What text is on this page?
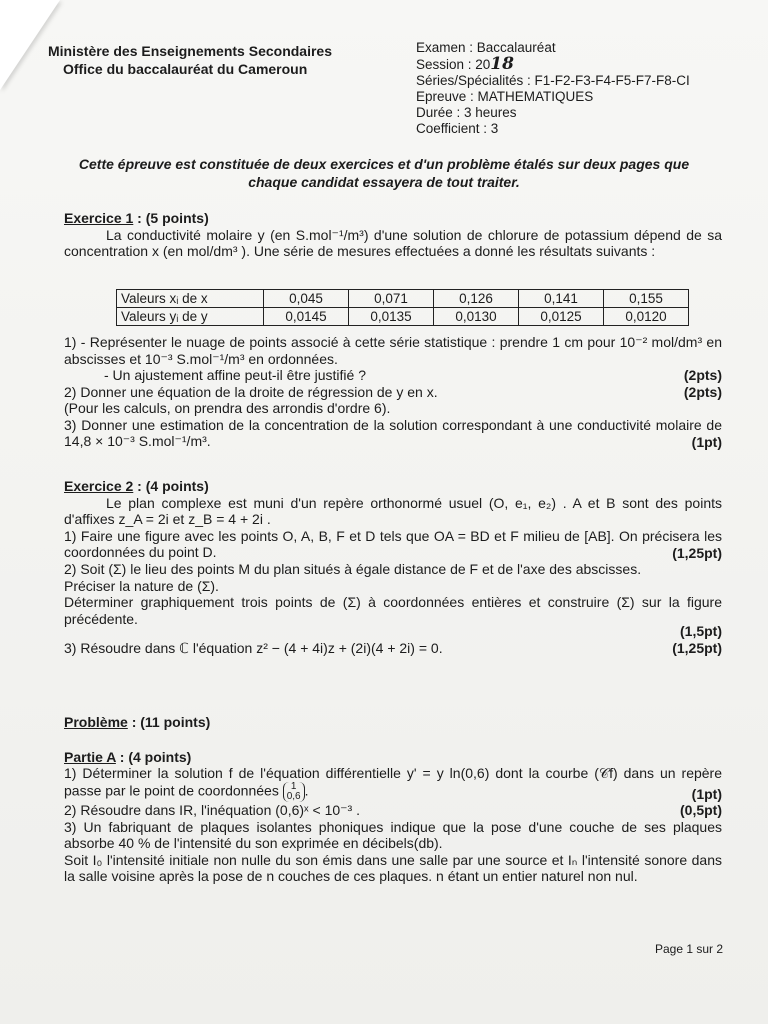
Ministère des Enseignements Secondaires
Office du baccalauréat du Cameroun
Examen : Baccalauréat
Session : 2018
Séries/Spécialités : F1-F2-F3-F4-F5-F7-F8-CI
Epreuve : MATHEMATIQUES
Durée : 3 heures
Coefficient : 3
Cette épreuve est constituée de deux exercices et d'un problème étalés sur deux pages que chaque candidat essayera de tout traiter.
Exercice 1 : (5 points)
La conductivité molaire y (en S.mol⁻¹/m³) d'une solution de chlorure de potassium dépend de sa concentration x (en mol/dm³ ). Une série de mesures effectuées a donné les résultats suivants :
Valeurs xᵢ de x	0,045	0,071	0,126	0,141	0,155
Valeurs yᵢ de y	0,0145	0,0135	0,0130	0,0125	0,0120
1) - Représenter le nuage de points associé à cette série statistique : prendre 1 cm pour 10⁻² mol/dm³ en abscisses et 10⁻³ S.mol⁻¹/m³ en ordonnées.
- Un ajustement affine peut-il être justifié ?	(2pts)
2) Donner une équation de la droite de régression de y en x.	(2pts)
(Pour les calculs, on prendra des arrondis d'ordre 6).
3) Donner une estimation de la concentration de la solution correspondant à une conductivité molaire de 14,8 × 10⁻³ S.mol⁻¹/m³.	(1pt)
Exercice 2 : (4 points)
Le plan complexe est muni d'un repère orthonormé usuel (O, e₁, e₂) . A et B sont des points d'affixes z_A = 2i et z_B = 4 + 2i .
1) Faire une figure avec les points O, A, B, F et D tels que OA = BD et F milieu de [AB]. On précisera les coordonnées du point D.	(1,25pt)
2) Soit (Σ) le lieu des points M du plan situés à égale distance de F et de l'axe des abscisses.
Préciser la nature de (Σ).
Déterminer graphiquement trois points de (Σ) à coordonnées entières et construire (Σ) sur la figure précédente.
(1,5pt)
3) Résoudre dans ℂ l'équation z² − (4 + 4i)z + (2i)(4 + 2i) = 0.	(1,25pt)
Problème : (11 points)
Partie A : (4 points)
1) Déterminer la solution f de l'équation différentielle y' = y ln(0,6) dont la courbe (𝒞f) dans un repère passe par le point de coordonnées	1
0,6 .	(1pt)
2) Résoudre dans IR, l'inéquation (0,6)ˣ < 10⁻³ .	(0,5pt)
3) Un fabriquant de plaques isolantes phoniques indique que la pose d'une couche de ses plaques absorbe 40 % de l'intensité du son exprimée en décibels(db).
Soit I₀ l'intensité initiale non nulle du son émis dans une salle par une source et Iₙ l'intensité sonore dans la salle voisine après la pose de n couches de ces plaques. n étant un entier naturel non nul.
Page 1 sur 2
